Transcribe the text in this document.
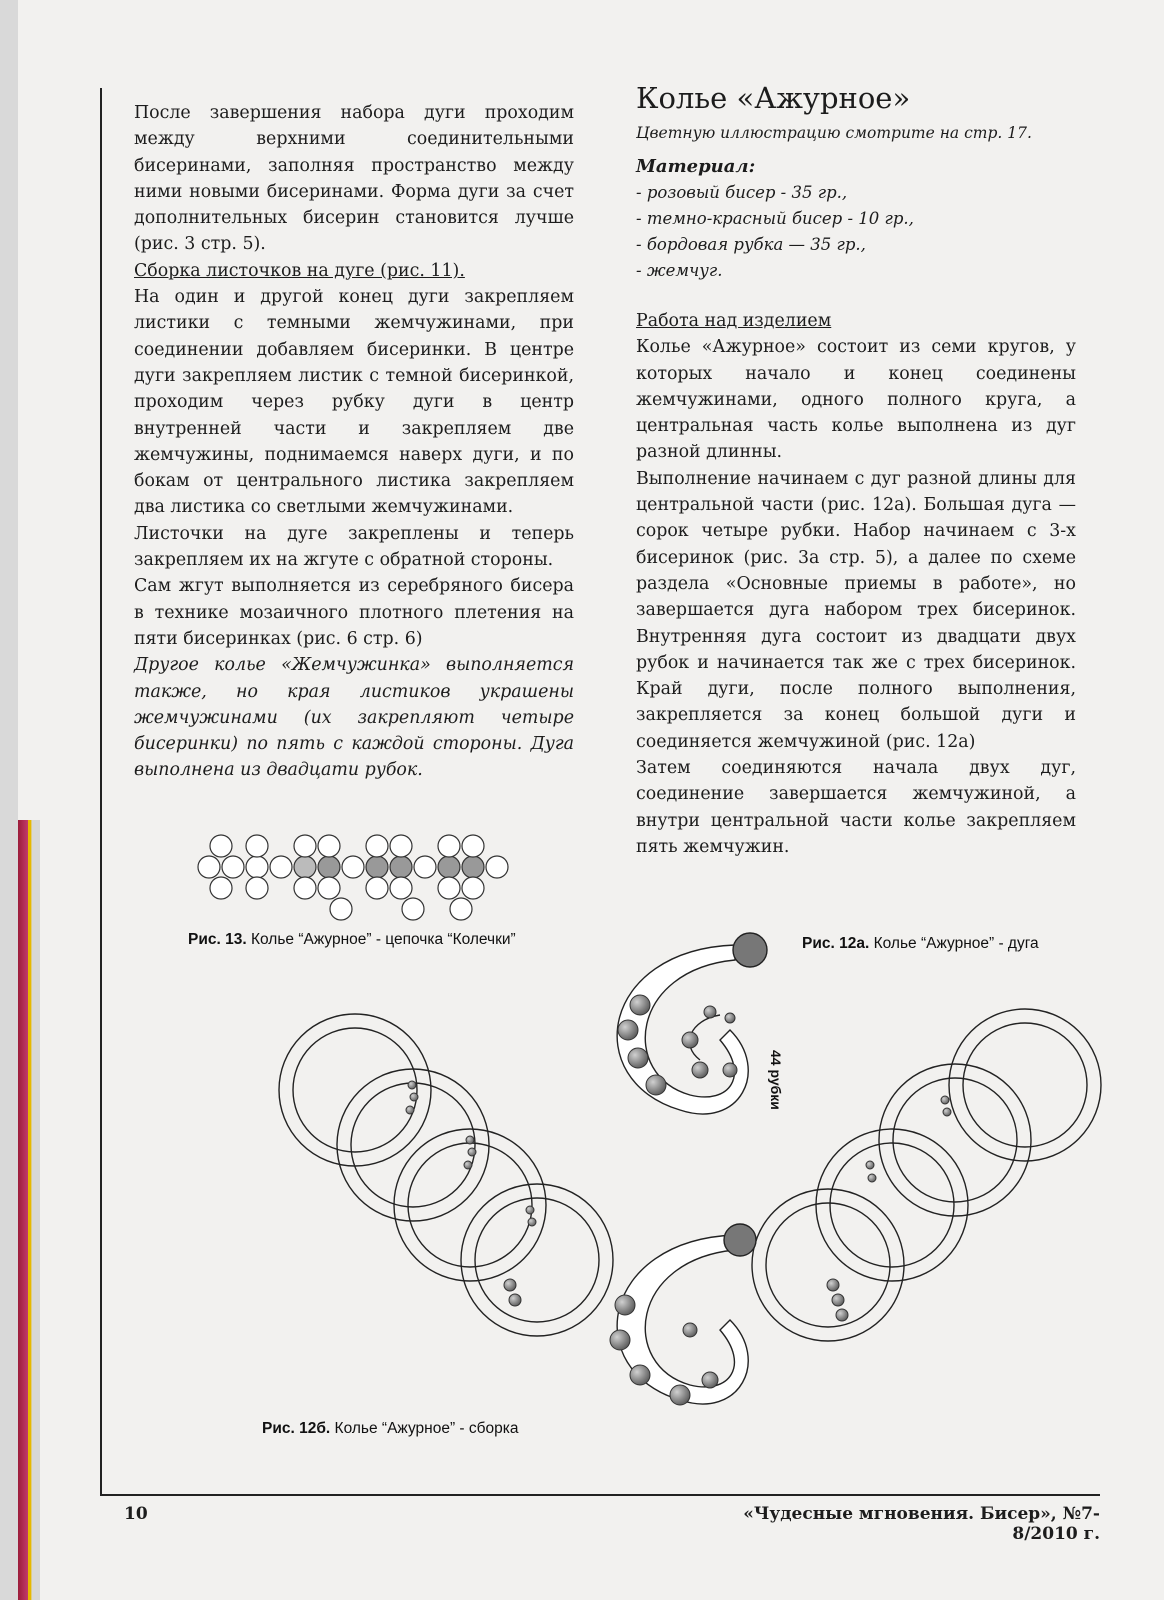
После завершения набора дуги проходим между верхними соединительными бисеринами, заполняя пространство между ними новыми бисеринами. Форма дуги за счет дополнительных бисерин становится лучше (рис. 3 стр. 5).

Сборка листочков на дуге (рис. 11).

На один и другой конец дуги закрепляем листики с темными жемчужинами, при соединении добавляем бисеринки. В центре дуги закрепляем листик с темной бисеринкой, проходим через рубку дуги в центр внутренней части и закрепляем две жемчужины, поднимаемся наверх дуги, и по бокам от центрального листика закрепляем два листика со светлыми жемчужинами.

Листочки на дуге закреплены и теперь закрепляем их на жгуте с обратной стороны.

Сам жгут выполняется из серебряного бисера в технике мозаичного плотного плетения на пяти бисеринках (рис. 6 стр. 6)

Другое колье «Жемчужинка» выполняется также, но края листиков украшены жемчужинами (их закрепляют четыре бисеринки) по пять с каждой стороны. Дуга выполнена из двадцати рубок.

Колье «Ажурное»
Цветную иллюстрацию смотрите на стр. 17.
Материал:
- розовый бисер - 35 гр.,
- темно-красный бисер - 10 гр.,
- бордовая рубка — 35 гр.,
- жемчуг.

Работа над изделием

Колье «Ажурное» состоит из семи кругов, у которых начало и конец соединены жемчужинами, одного полного круга, а центральная часть колье выполнена из дуг разной длинны.

Выполнение начинаем с дуг разной длины для центральной части (рис. 12а). Большая дуга — сорок четыре рубки. Набор начинаем с 3-х бисеринок (рис. 3а стр. 5), а далее по схеме раздела «Основные приемы в работе», но завершается дуга набором трех бисеринок. Внутренняя дуга состоит из двадцати двух рубок и начинается так же с трех бисеринок. Край дуги, после полного выполнения, закрепляется за конец большой дуги и соединяется жемчужиной (рис. 12а)

Затем соединяются начала двух дуг, соединение завершается жемчужиной, а внутри центральной части колье закрепляем пять жемчужин.

44 рубки
Рис. 13. Колье “Ажурное” - цепочка “Колечки”	Рис. 12а. Колье “Ажурное” - дуга
Рис. 12б. Колье “Ажурное” - сборка
10	«Чудесные мгновения. Бисер», №7-8/2010 г.
